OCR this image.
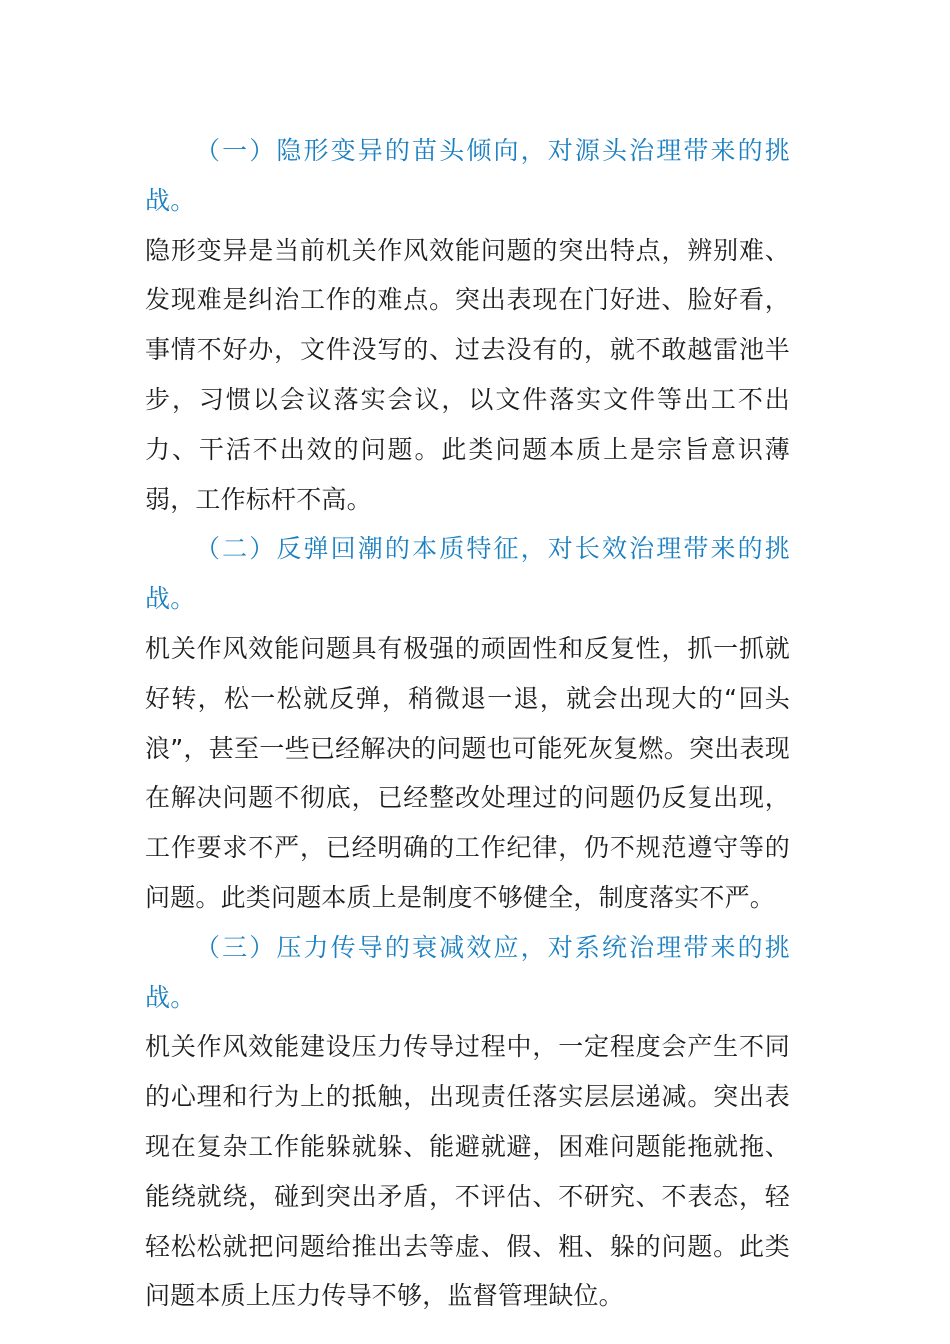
（一）隐形变异的苗头倾向，对源头治理带来的挑战。

隐形变异是当前机关作风效能问题的突出特点，辨别难、发现难是纠治工作的难点。突出表现在门好进、脸好看，事情不好办，文件没写的、过去没有的，就不敢越雷池半步，习惯以会议落实会议，以文件落实文件等出工不出力、干活不出效的问题。此类问题本质上是宗旨意识薄弱，工作标杆不高。

（二）反弹回潮的本质特征，对长效治理带来的挑战。

机关作风效能问题具有极强的顽固性和反复性，抓一抓就好转，松一松就反弹，稍微退一退，就会出现大的“回头浪”，甚至一些已经解决的问题也可能死灰复燃。突出表现在解决问题不彻底，已经整改处理过的问题仍反复出现，工作要求不严，已经明确的工作纪律，仍不规范遵守等的问题。此类问题本质上是制度不够健全，制度落实不严。

（三）压力传导的衰减效应，对系统治理带来的挑战。

机关作风效能建设压力传导过程中，一定程度会产生不同的心理和行为上的抵触，出现责任落实层层递减。突出表现在复杂工作能躲就躲、能避就避，困难问题能拖就拖、能绕就绕，碰到突出矛盾，不评估、不研究、不表态，轻轻松松就把问题给推出去等虚、假、粗、躲的问题。此类问题本质上压力传导不够，监督管理缺位。
